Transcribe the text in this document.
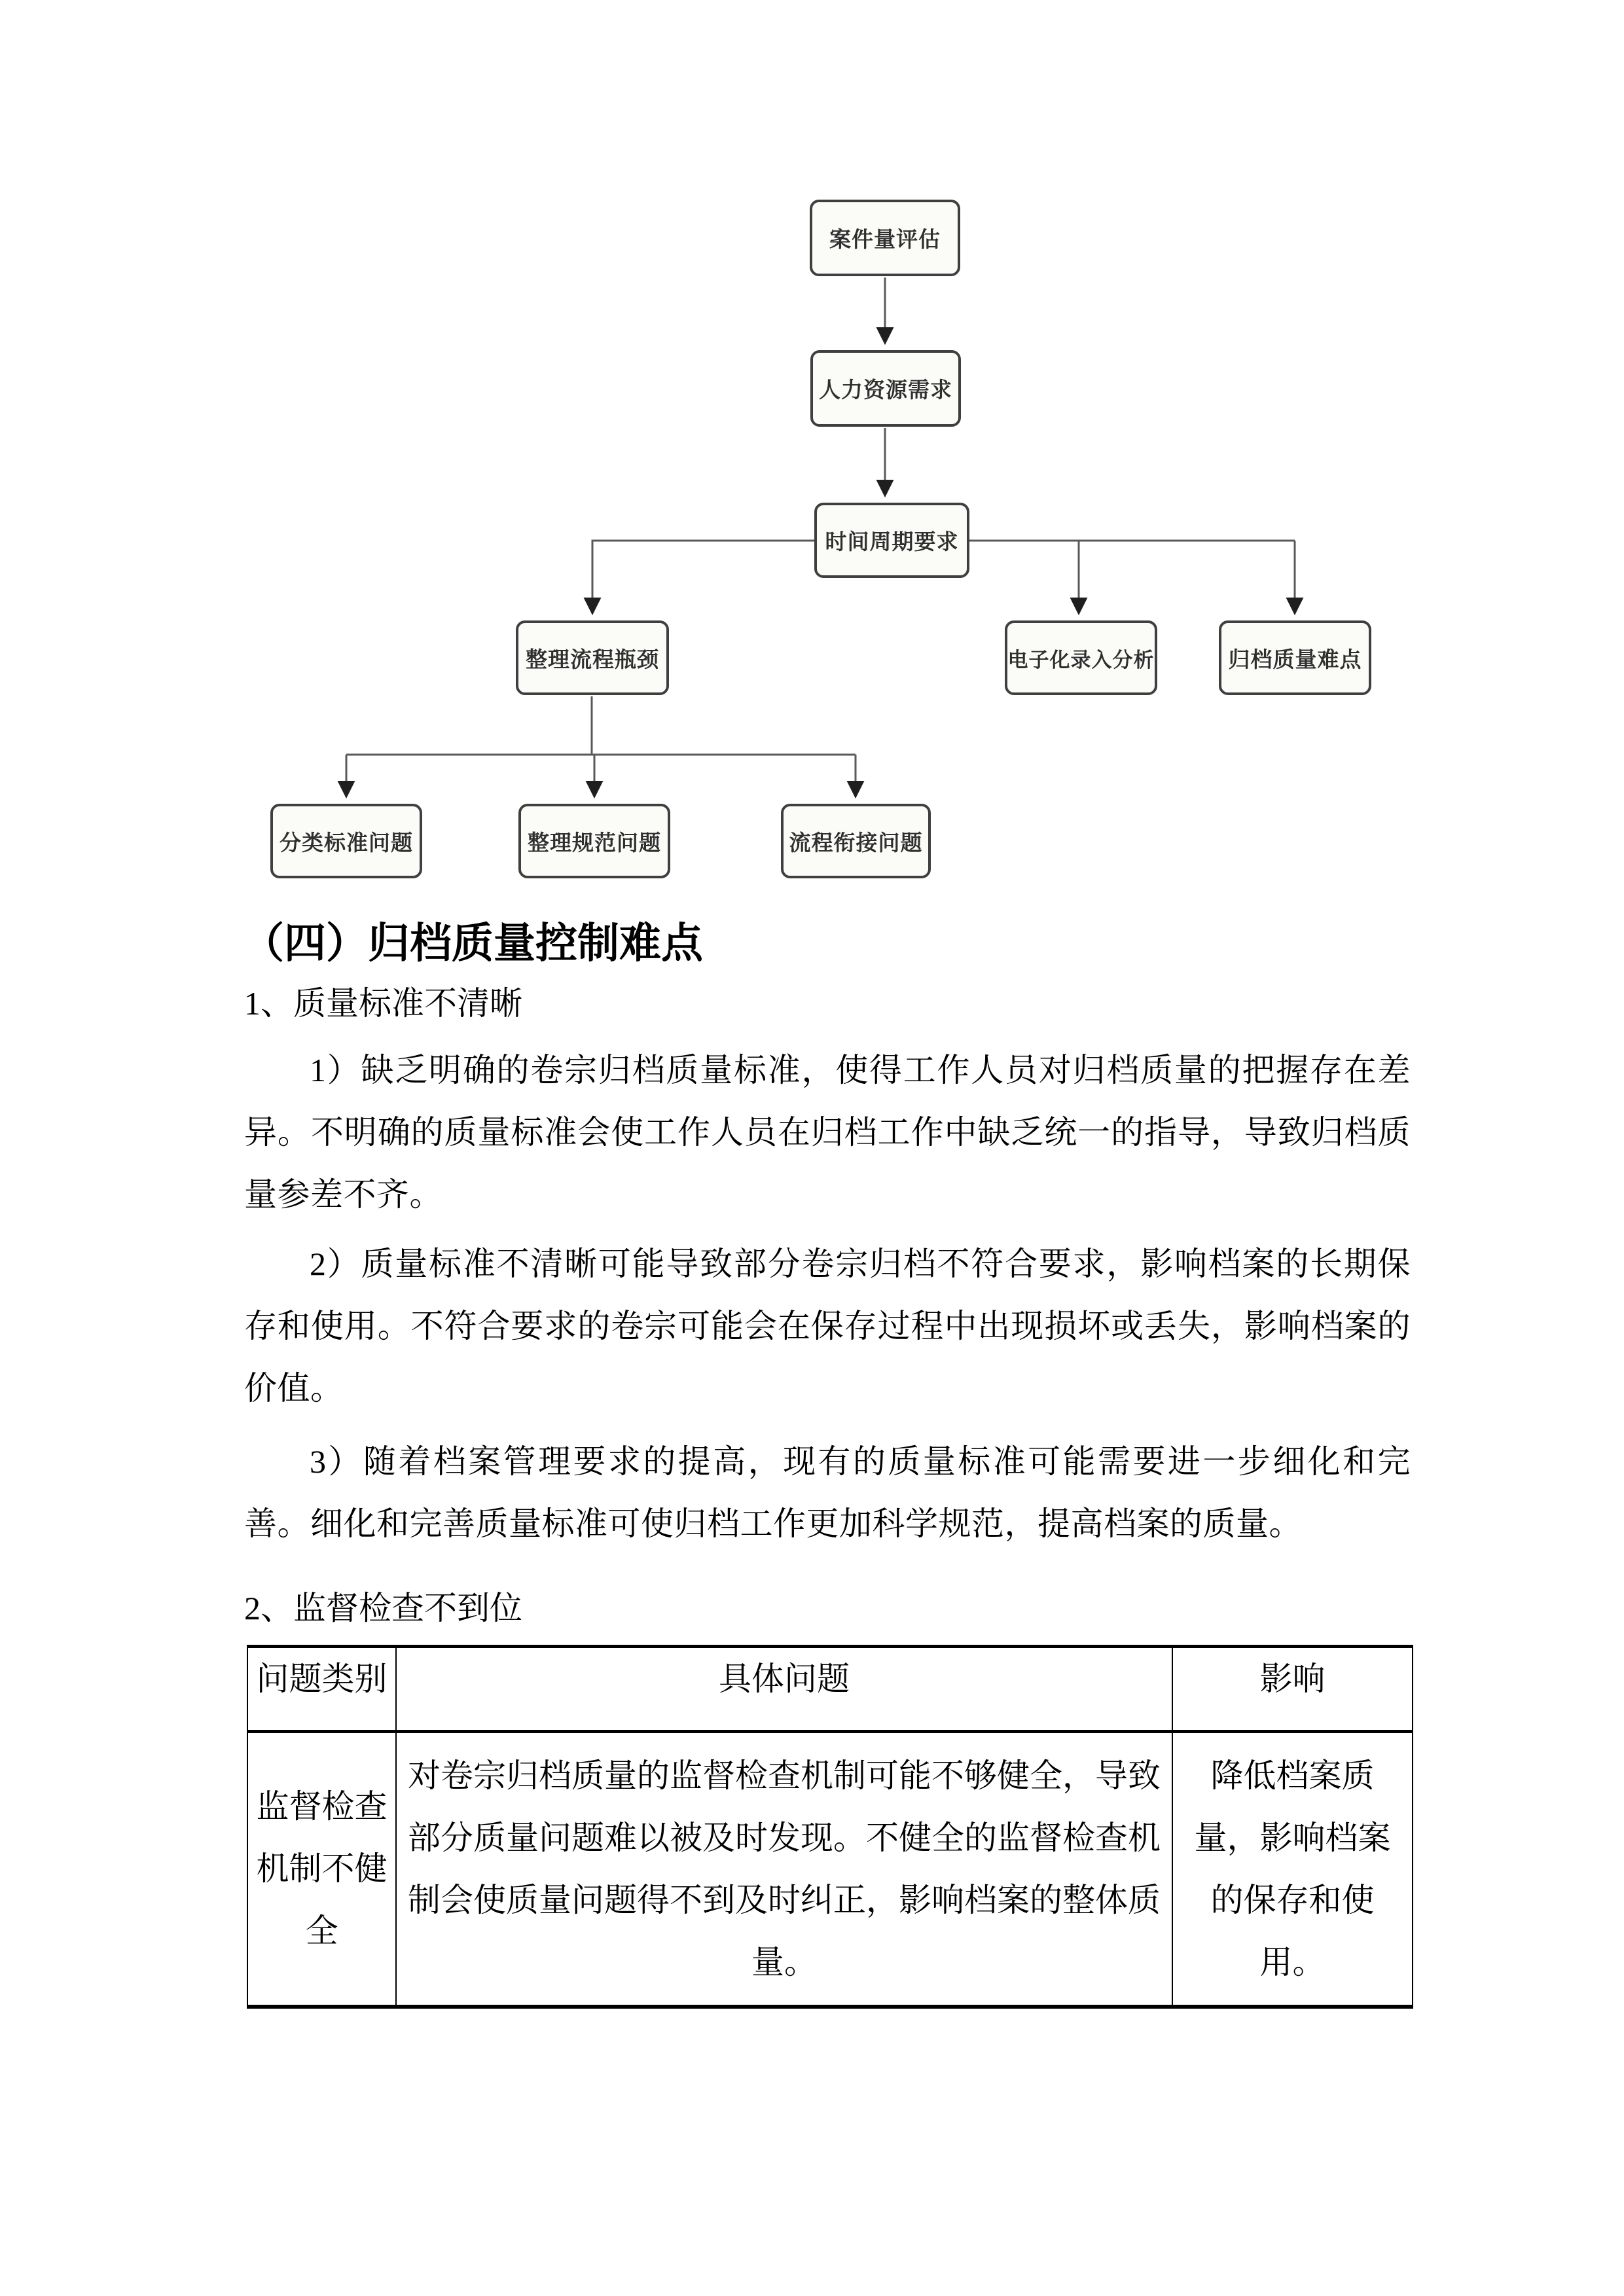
案件量评估
人力资源需求
时间周期要求
整理流程瓶颈	电子化录入分析	归档质量难点
分类标准问题	整理规范问题	流程衔接问题
（四）归档质量控制难点
1、质量标准不清晰
1）缺乏明确的卷宗归档质量标准，使得工作人员对归档质量的把握存在差异。不明确的质量标准会使工作人员在归档工作中缺乏统一的指导，导致归档质量参差不齐。
2）质量标准不清晰可能导致部分卷宗归档不符合要求，影响档案的长期保存和使用。不符合要求的卷宗可能会在保存过程中出现损坏或丢失，影响档案的价值。
3）随着档案管理要求的提高，现有的质量标准可能需要进一步细化和完善。细化和完善质量标准可使归档工作更加科学规范，提高档案的质量。
2、监督检查不到位
问题类别	具体问题	影响
监督检查机制不健全	对卷宗归档质量的监督检查机制可能不够健全，导致部分质量问题难以被及时发现。不健全的监督检查机制会使质量问题得不到及时纠正，影响档案的整体质量。	降低档案质量，影响档案的保存和使用。
